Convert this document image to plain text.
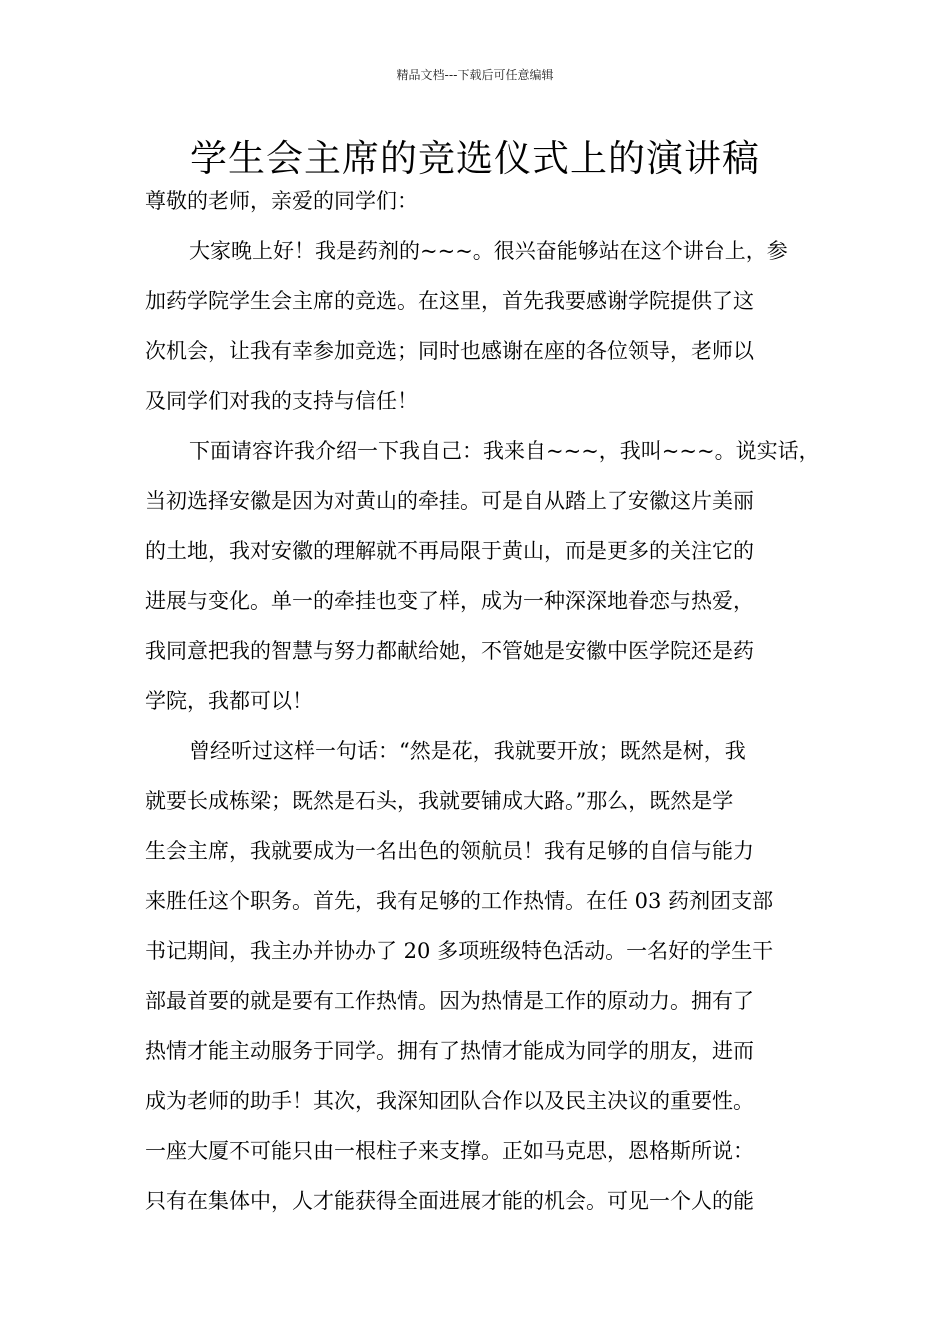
精品文档---下载后可任意编辑
学生会主席的竞选仪式上的演讲稿
尊敬的老师，亲爱的同学们：
大家晚上好！我是药剂的~~~。很兴奋能够站在这个讲台上，参
加药学院学生会主席的竞选。在这里，首先我要感谢学院提供了这
次机会，让我有幸参加竞选；同时也感谢在座的各位领导，老师以
及同学们对我的支持与信任！
下面请容许我介绍一下我自己：我来自~~~，我叫~~~。说实话，
当初选择安徽是因为对黄山的牵挂。可是自从踏上了安徽这片美丽
的土地，我对安徽的理解就不再局限于黄山，而是更多的关注它的
进展与变化。单一的牵挂也变了样，成为一种深深地眷恋与热爱，
我同意把我的智慧与努力都献给她，不管她是安徽中医学院还是药
学院，我都可以！
曾经听过这样一句话：“然是花，我就要开放；既然是树，我
就要长成栋梁；既然是石头，我就要铺成大路。”那么，既然是学
生会主席，我就要成为一名出色的领航员！我有足够的自信与能力
来胜任这个职务。首先，我有足够的工作热情。在任 03 药剂团支部
书记期间，我主办并协办了 20 多项班级特色活动。一名好的学生干
部最首要的就是要有工作热情。因为热情是工作的原动力。拥有了
热情才能主动服务于同学。拥有了热情才能成为同学的朋友，进而
成为老师的助手！其次，我深知团队合作以及民主决议的重要性。
一座大厦不可能只由一根柱子来支撑。正如马克思，恩格斯所说：
只有在集体中，人才能获得全面进展才能的机会。可见一个人的能
